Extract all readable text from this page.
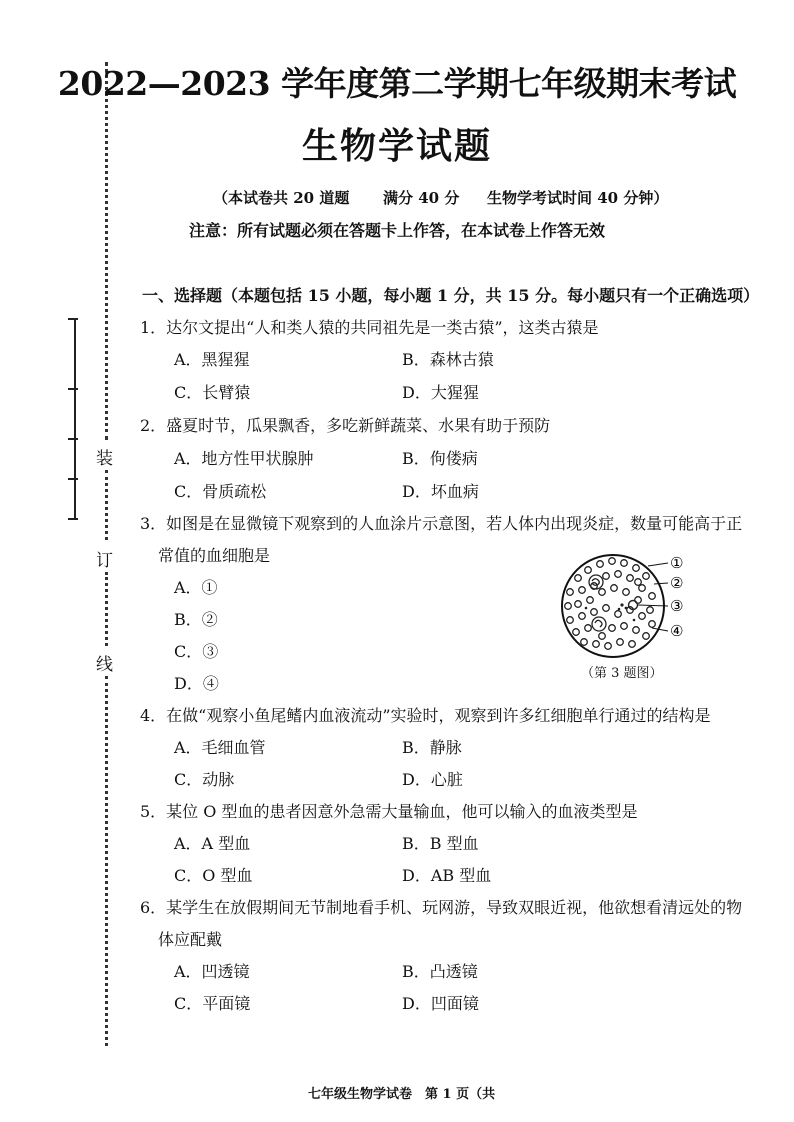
装
订
线
2022—2023 学年度第二学期七年级期末考试
生物学试题
（本试卷共 20 道题 满分 40 分 生物学考试时间 40 分钟）
注意：所有试题必须在答题卡上作答，在本试卷上作答无效
一、选择题（本题包括 15 小题，每小题 1 分，共 15 分。每小题只有一个正确选项）
1．达尔文提出“人和类人猿的共同祖先是一类古猿”，这类古猿是
A．黑猩猩	B．森林古猿
C．长臂猿	D．大猩猩
2．盛夏时节，瓜果飘香，多吃新鲜蔬菜、水果有助于预防
A．地方性甲状腺肿	B．佝偻病
C．骨质疏松	D．坏血病
3．如图是在显微镜下观察到的人血涂片示意图，若人体内出现炎症，数量可能高于正
常值的血细胞是
A．①
B．②
C．③
D．④
①
②
③
④
（第 3 题图）
4．在做“观察小鱼尾鳍内血液流动”实验时，观察到许多红细胞单行通过的结构是
A．毛细血管	B．静脉
C．动脉	D．心脏
5．某位 O 型血的患者因意外急需大量输血，他可以输入的血液类型是
A．A 型血	B．B 型血
C．O 型血	D．AB 型血
6．某学生在放假期间无节制地看手机、玩网游，导致双眼近视，他欲想看清远处的物
体应配戴
A．凹透镜	B．凸透镜
C．平面镜	D．凹面镜
七年级生物学试卷　第 1 页（共
